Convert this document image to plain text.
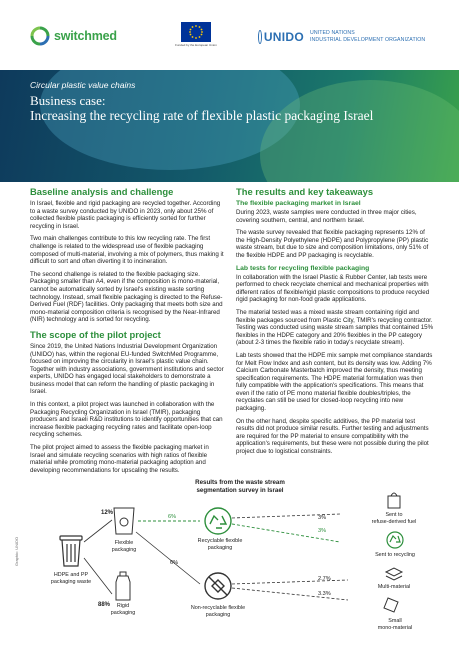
switchmed
Funded by the European Union
UNIDO UNITED NATIONS
INDUSTRIAL DEVELOPMENT ORGANIZATION
Circular plastic value chains
Business case:
Increasing the recycling rate of flexible plastic packaging Israel
Baseline analysis and challenge

In Israel, flexible and rigid packaging are recycled together. According to a waste survey conducted by UNIDO in 2023, only about 25% of collected flexible plastic packaging is efficiently sorted for further recycling in Israel.

Two main challenges contribute to this low recycling rate. The first challenge is related to the widespread use of flexible packaging composed of multi-material, involving a mix of polymers, thus making it difficult to sort and often diverting it to incineration.

The second challenge is related to the flexible packaging size. Packaging smaller than A4, even if the composition is mono-material, cannot be automatically sorted by Israel's existing waste sorting technology. Instead, small flexible packaging is directed to the Refuse-Derived Fuel (RDF) facilities. Only packaging that meets both size and mono-material composition criteria is recognised by the Near-Infrared (NIR) technology and is sorted for recycling.

The scope of the pilot project

Since 2019, the United Nations Industrial Development Organization (UNIDO) has, within the regional EU-funded SwitchMed Programme, focused on improving the circularity in Israel's plastic value chain. Together with industry associations, government institutions and sector experts, UNIDO has engaged local stakeholders to demonstrate a business model that can reform the handling of plastic packaging in Israel.

In this context, a pilot project was launched in collaboration with the Packaging Recycling Organization in Israel (TMIR), packaging producers and Israeli R&D institutions to identify opportunities that can increase flexible packaging recycling rates and facilitate open-loop recycling schemes.

The pilot project aimed to assess the flexible packaging market in Israel and simulate recycling scenarios with high ratios of flexible material while promoting mono-material packaging adoption and developing recommendations for upscaling the results.

The results and key takeaways
The flexible packaging market in Israel

During 2023, waste samples were conducted in three major cities, covering southern, central, and northern Israel.

The waste survey revealed that flexible packaging represents 12% of the High-Density Polyethylene (HDPE) and Polypropylene (PP) plastic waste stream, but due to size and composition limitations, only 51% of the flexible HDPE and PP packaging is recyclable.

Lab tests for recycling flexible packaging

In collaboration with the Israel Plastic & Rubber Center, lab tests were performed to check recyclate chemical and mechanical properties with different ratios of flexible/rigid plastic compositions to produce recycled rigid packaging for non-food grade applications.

The material tested was a mixed waste stream containing rigid and flexible packages sourced from Plastic City, TMIR's recycling contractor. Testing was conducted using waste stream samples that contained 15% flexibles in the HDPE category and 20% flexibles in the PP category (about 2-3 times the flexible ratio in today's recyclate stream).

Lab tests showed that the HDPE mix sample met compliance standards for Melt Flow Index and ash content, but its density was low. Adding 7% Calcium Carbonate Masterbatch improved the density, thus meeting specification requirements. The HDPE material formulation was then fully compatible with the application's specifications. This means that even if the ratio of PE mono material flexible doubles/triples, the recyclates can still be used for closed-loop recycling into new packaging.

On the other hand, despite specific additives, the PP material test results did not produce similar results. Further testing and adjustments are required for the PP material to ensure compatibility with the application's requirements, but these were not possible during the pilot project due to logistical constraints.

Results from the waste stream
segmentation survey in Israel
HDPE and PP
packaging waste
12%
88%
Flexible
packaging
Rigid
packaging
6%
6%
Recyclable flexible
packaging
Non-recyclable flexible
packaging
3%
3%
2.7%
3.3%
Sent to
refuse-derived fuel
Sent to recycling
Multi-material
Small
mono-material
Graphic: UNIDO
